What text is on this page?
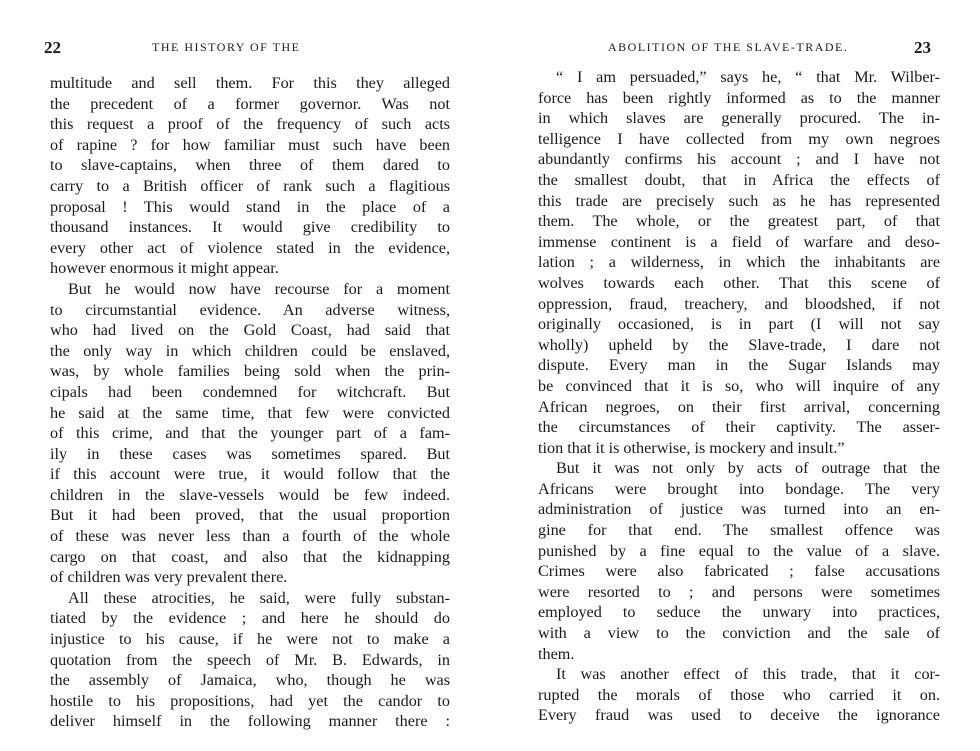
22	THE HISTORY OF THE
multitude and sell them. For this they alleged
the precedent of a former governor. Was not
this request a proof of the frequency of such acts
of rapine ? for how familiar must such have been
to slave-captains, when three of them dared to
carry to a British officer of rank such a flagitious
proposal ! This would stand in the place of a
thousand instances. It would give credibility to
every other act of violence stated in the evidence,
however enormous it might appear.
But he would now have recourse for a moment
to circumstantial evidence. An adverse witness,
who had lived on the Gold Coast, had said that
the only way in which children could be enslaved,
was, by whole families being sold when the prin-
cipals had been condemned for witchcraft. But
he said at the same time, that few were convicted
of this crime, and that the younger part of a fam-
ily in these cases was sometimes spared. But
if this account were true, it would follow that the
children in the slave-vessels would be few indeed.
But it had been proved, that the usual proportion
of these was never less than a fourth of the whole
cargo on that coast, and also that the kidnapping
of children was very prevalent there.
All these atrocities, he said, were fully substan-
tiated by the evidence ; and here he should do
injustice to his cause, if he were not to make a
quotation from the speech of Mr. B. Edwards, in
the assembly of Jamaica, who, though he was
hostile to his propositions, had yet the candor to
deliver himself in the following manner there :
ABOLITION OF THE SLAVE-TRADE.	23
“ I am persuaded,” says he, “ that Mr. Wilber-
force has been rightly informed as to the manner
in which slaves are generally procured. The in-
telligence I have collected from my own negroes
abundantly confirms his account ; and I have not
the smallest doubt, that in Africa the effects of
this trade are precisely such as he has represented
them. The whole, or the greatest part, of that
immense continent is a field of warfare and deso-
lation ; a wilderness, in which the inhabitants are
wolves towards each other. That this scene of
oppression, fraud, treachery, and bloodshed, if not
originally occasioned, is in part (I will not say
wholly) upheld by the Slave-trade, I dare not
dispute. Every man in the Sugar Islands may
be convinced that it is so, who will inquire of any
African negroes, on their first arrival, concerning
the circumstances of their captivity. The asser-
tion that it is otherwise, is mockery and insult.”
But it was not only by acts of outrage that the
Africans were brought into bondage. The very
administration of justice was turned into an en-
gine for that end. The smallest offence was
punished by a fine equal to the value of a slave.
Crimes were also fabricated ; false accusations
were resorted to ; and persons were sometimes
employed to seduce the unwary into practices,
with a view to the conviction and the sale of
them.
It was another effect of this trade, that it cor-
rupted the morals of those who carried it on.
Every fraud was used to deceive the ignorance
